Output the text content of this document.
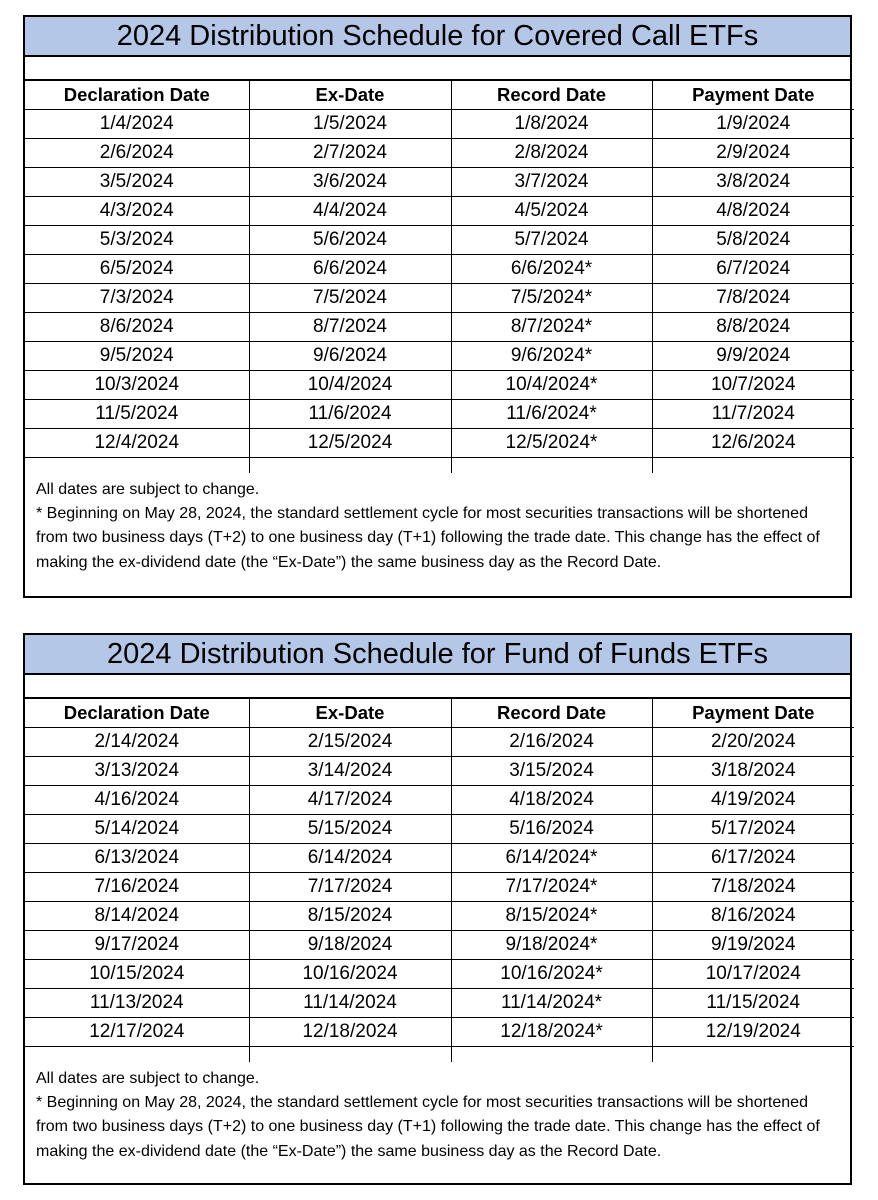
2024 Distribution Schedule for Covered Call ETFs
Declaration Date	Ex-Date	Record Date	Payment Date
1/4/2024	1/5/2024	1/8/2024	1/9/2024
2/6/2024	2/7/2024	2/8/2024	2/9/2024
3/5/2024	3/6/2024	3/7/2024	3/8/2024
4/3/2024	4/4/2024	4/5/2024	4/8/2024
5/3/2024	5/6/2024	5/7/2024	5/8/2024
6/5/2024	6/6/2024	6/6/2024*	6/7/2024
7/3/2024	7/5/2024	7/5/2024*	7/8/2024
8/6/2024	8/7/2024	8/7/2024*	8/8/2024
9/5/2024	9/6/2024	9/6/2024*	9/9/2024
10/3/2024	10/4/2024	10/4/2024*	10/7/2024
11/5/2024	11/6/2024	11/6/2024*	11/7/2024
12/4/2024	12/5/2024	12/5/2024*	12/6/2024

All dates are subject to change.

* Beginning on May 28, 2024, the standard settlement cycle for most securities transactions will be shortened from two business days (T+2) to one business day (T+1) following the trade date. This change has the effect of making the ex-dividend date (the “Ex-Date”) the same business day as the Record Date.

2024 Distribution Schedule for Fund of Funds ETFs
Declaration Date	Ex-Date	Record Date	Payment Date
2/14/2024	2/15/2024	2/16/2024	2/20/2024
3/13/2024	3/14/2024	3/15/2024	3/18/2024
4/16/2024	4/17/2024	4/18/2024	4/19/2024
5/14/2024	5/15/2024	5/16/2024	5/17/2024
6/13/2024	6/14/2024	6/14/2024*	6/17/2024
7/16/2024	7/17/2024	7/17/2024*	7/18/2024
8/14/2024	8/15/2024	8/15/2024*	8/16/2024
9/17/2024	9/18/2024	9/18/2024*	9/19/2024
10/15/2024	10/16/2024	10/16/2024*	10/17/2024
11/13/2024	11/14/2024	11/14/2024*	11/15/2024
12/17/2024	12/18/2024	12/18/2024*	12/19/2024

All dates are subject to change.

* Beginning on May 28, 2024, the standard settlement cycle for most securities transactions will be shortened from two business days (T+2) to one business day (T+1) following the trade date. This change has the effect of making the ex-dividend date (the “Ex-Date”) the same business day as the Record Date.
